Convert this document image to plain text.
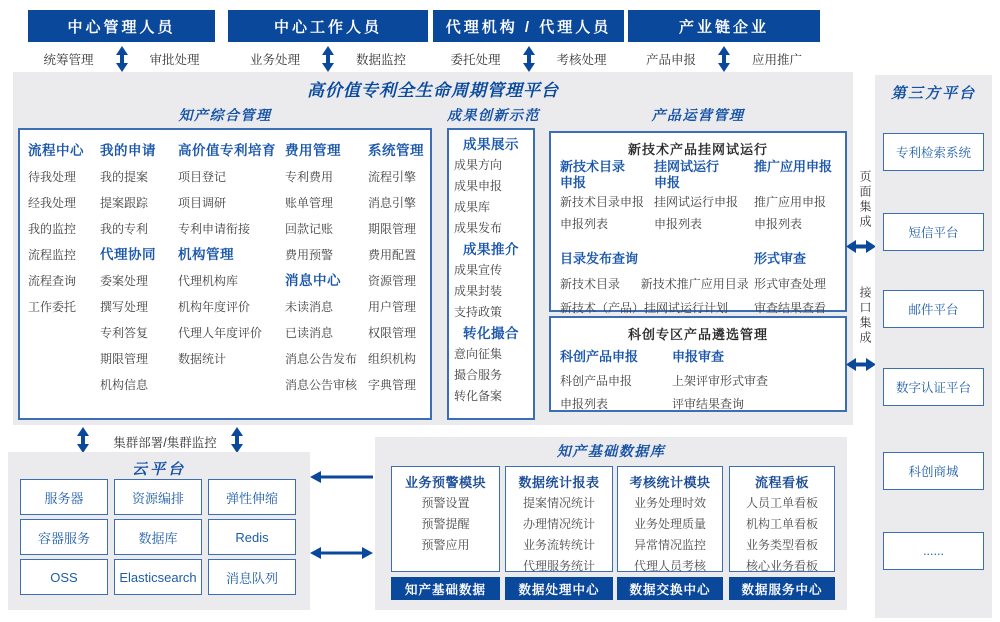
中心管理人员	中心工作人员	代理机构 / 代理人员	产业链企业
统筹管理	审批处理	业务处理	数据监控	委托处理	考核处理	产品申报	应用推广
高价值专利全生命周期管理平台
知产综合管理	成果创新示范	产品运营管理
流程中心
待我处理
经我处理
我的监控
流程监控
流程查询
工作委托
我的申请
我的提案
提案跟踪
我的专利
代理协同
委案处理
撰写处理
专利答复
期限管理
机构信息
高价值专利培育
项目登记
项目调研
专利申请衔接
机构管理
代理机构库
机构年度评价
代理人年度评价
数据统计
费用管理
专利费用
账单管理
回款记账
费用预警
消息中心
未读消息
已读消息
消息公告发布
消息公告审核
系统管理
流程引擎
消息引擎
期限管理
费用配置
资源管理
用户管理
权限管理
组织机构
字典管理
成果展示
成果方向
成果申报
成果库
成果发布
成果推介
成果宣传
成果封装
支持政策
转化撮合
意向征集
撮合服务
转化备案
新技术产品挂网试运行
新技术目录
申报
新技术目录申报
申报列表
挂网试运行
申报
挂网试运行申报
申报列表
推广应用申报
推广应用申报
申报列表
目录发布查询
新技术目录 新技术推广应用目录
新技术（产品）挂网试运行计划
形式审查
形式审查处理
审查结果查看
科创专区产品遴选管理
科创产品申报
科创产品申报
申报列表
申报审查
上架评审形式审查
评审结果查询
页面集成
接口集成
第三方平台
专利检索系统
短信平台
邮件平台
数字认证平台
科创商城
......
集群部署/集群监控
云平台
服务器	资源编排	弹性伸缩
容器服务	数据库	Redis
OSS	Elasticsearch	消息队列
知产基础数据库
业务预警模块
预警设置
预警提醒
预警应用
数据统计报表
提案情况统计
办理情况统计
业务流转统计
代理服务统计
考核统计模块
业务处理时效
业务处理质量
异常情况监控
代理人员考核
流程看板
人员工单看板
机构工单看板
业务类型看板
核心业务看板
知产基础数据	数据处理中心	数据交换中心	数据服务中心
